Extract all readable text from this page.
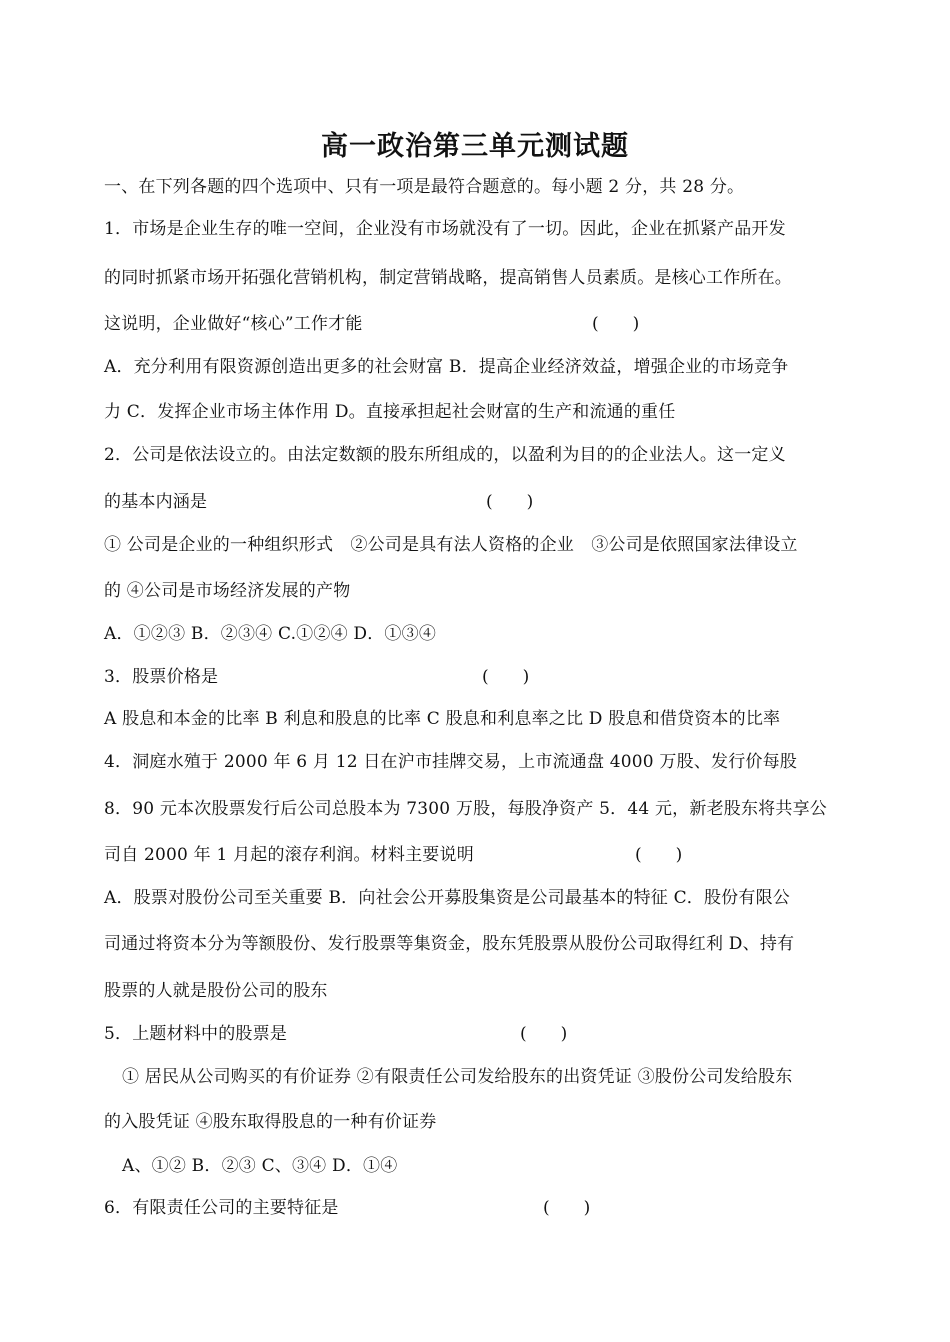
高一政治第三单元测试题
一、在下列各题的四个选项中、只有一项是最符合题意的。每小题 2 分，共 28 分。
1．市场是企业生存的唯一空间，企业没有市场就没有了一切。因此，企业在抓紧产品开发
的同时抓紧市场开拓强化营销机构，制定营销战略，提高销售人员素质。是核心工作所在。
这说明，企业做好“核心”工作才能	(　　)
A．充分利用有限资源创造出更多的社会财富 B．提高企业经济效益，增强企业的市场竞争
力 C．发挥企业市场主体作用 D。直接承担起社会财富的生产和流通的重任
2．公司是依法设立的。由法定数额的股东所组成的，以盈利为目的的企业法人。这一定义
的基本内涵是	(　　)
① 公司是企业的一种组织形式　②公司是具有法人资格的企业　③公司是依照国家法律设立
的 ④公司是市场经济发展的产物
A．①②③ B．②③④ C.①②④ D．①③④
3．股票价格是	(　　)
A 股息和本金的比率 B 利息和股息的比率 C 股息和利息率之比 D 股息和借贷资本的比率
4．洞庭水殖于 2000 年 6 月 12 日在沪市挂牌交易，上市流通盘 4000 万股、发行价每股
8．90 元本次股票发行后公司总股本为 7300 万股，每股净资产 5．44 元，新老股东将共享公
司自 2000 年 1 月起的滚存利润。材料主要说明	(　　)
A．股票对股份公司至关重要 B．向社会公开募股集资是公司最基本的特征 C．股份有限公
司通过将资本分为等额股份、发行股票等集资金，股东凭股票从股份公司取得红利 D、持有
股票的人就是股份公司的股东
5．上题材料中的股票是	(　　)
① 居民从公司购买的有价证券 ②有限责任公司发给股东的出资凭证 ③股份公司发给股东
的入股凭证 ④股东取得股息的一种有价证券
A、①② B．②③ C、③④ D．①④
6．有限责任公司的主要特征是	(　　)
